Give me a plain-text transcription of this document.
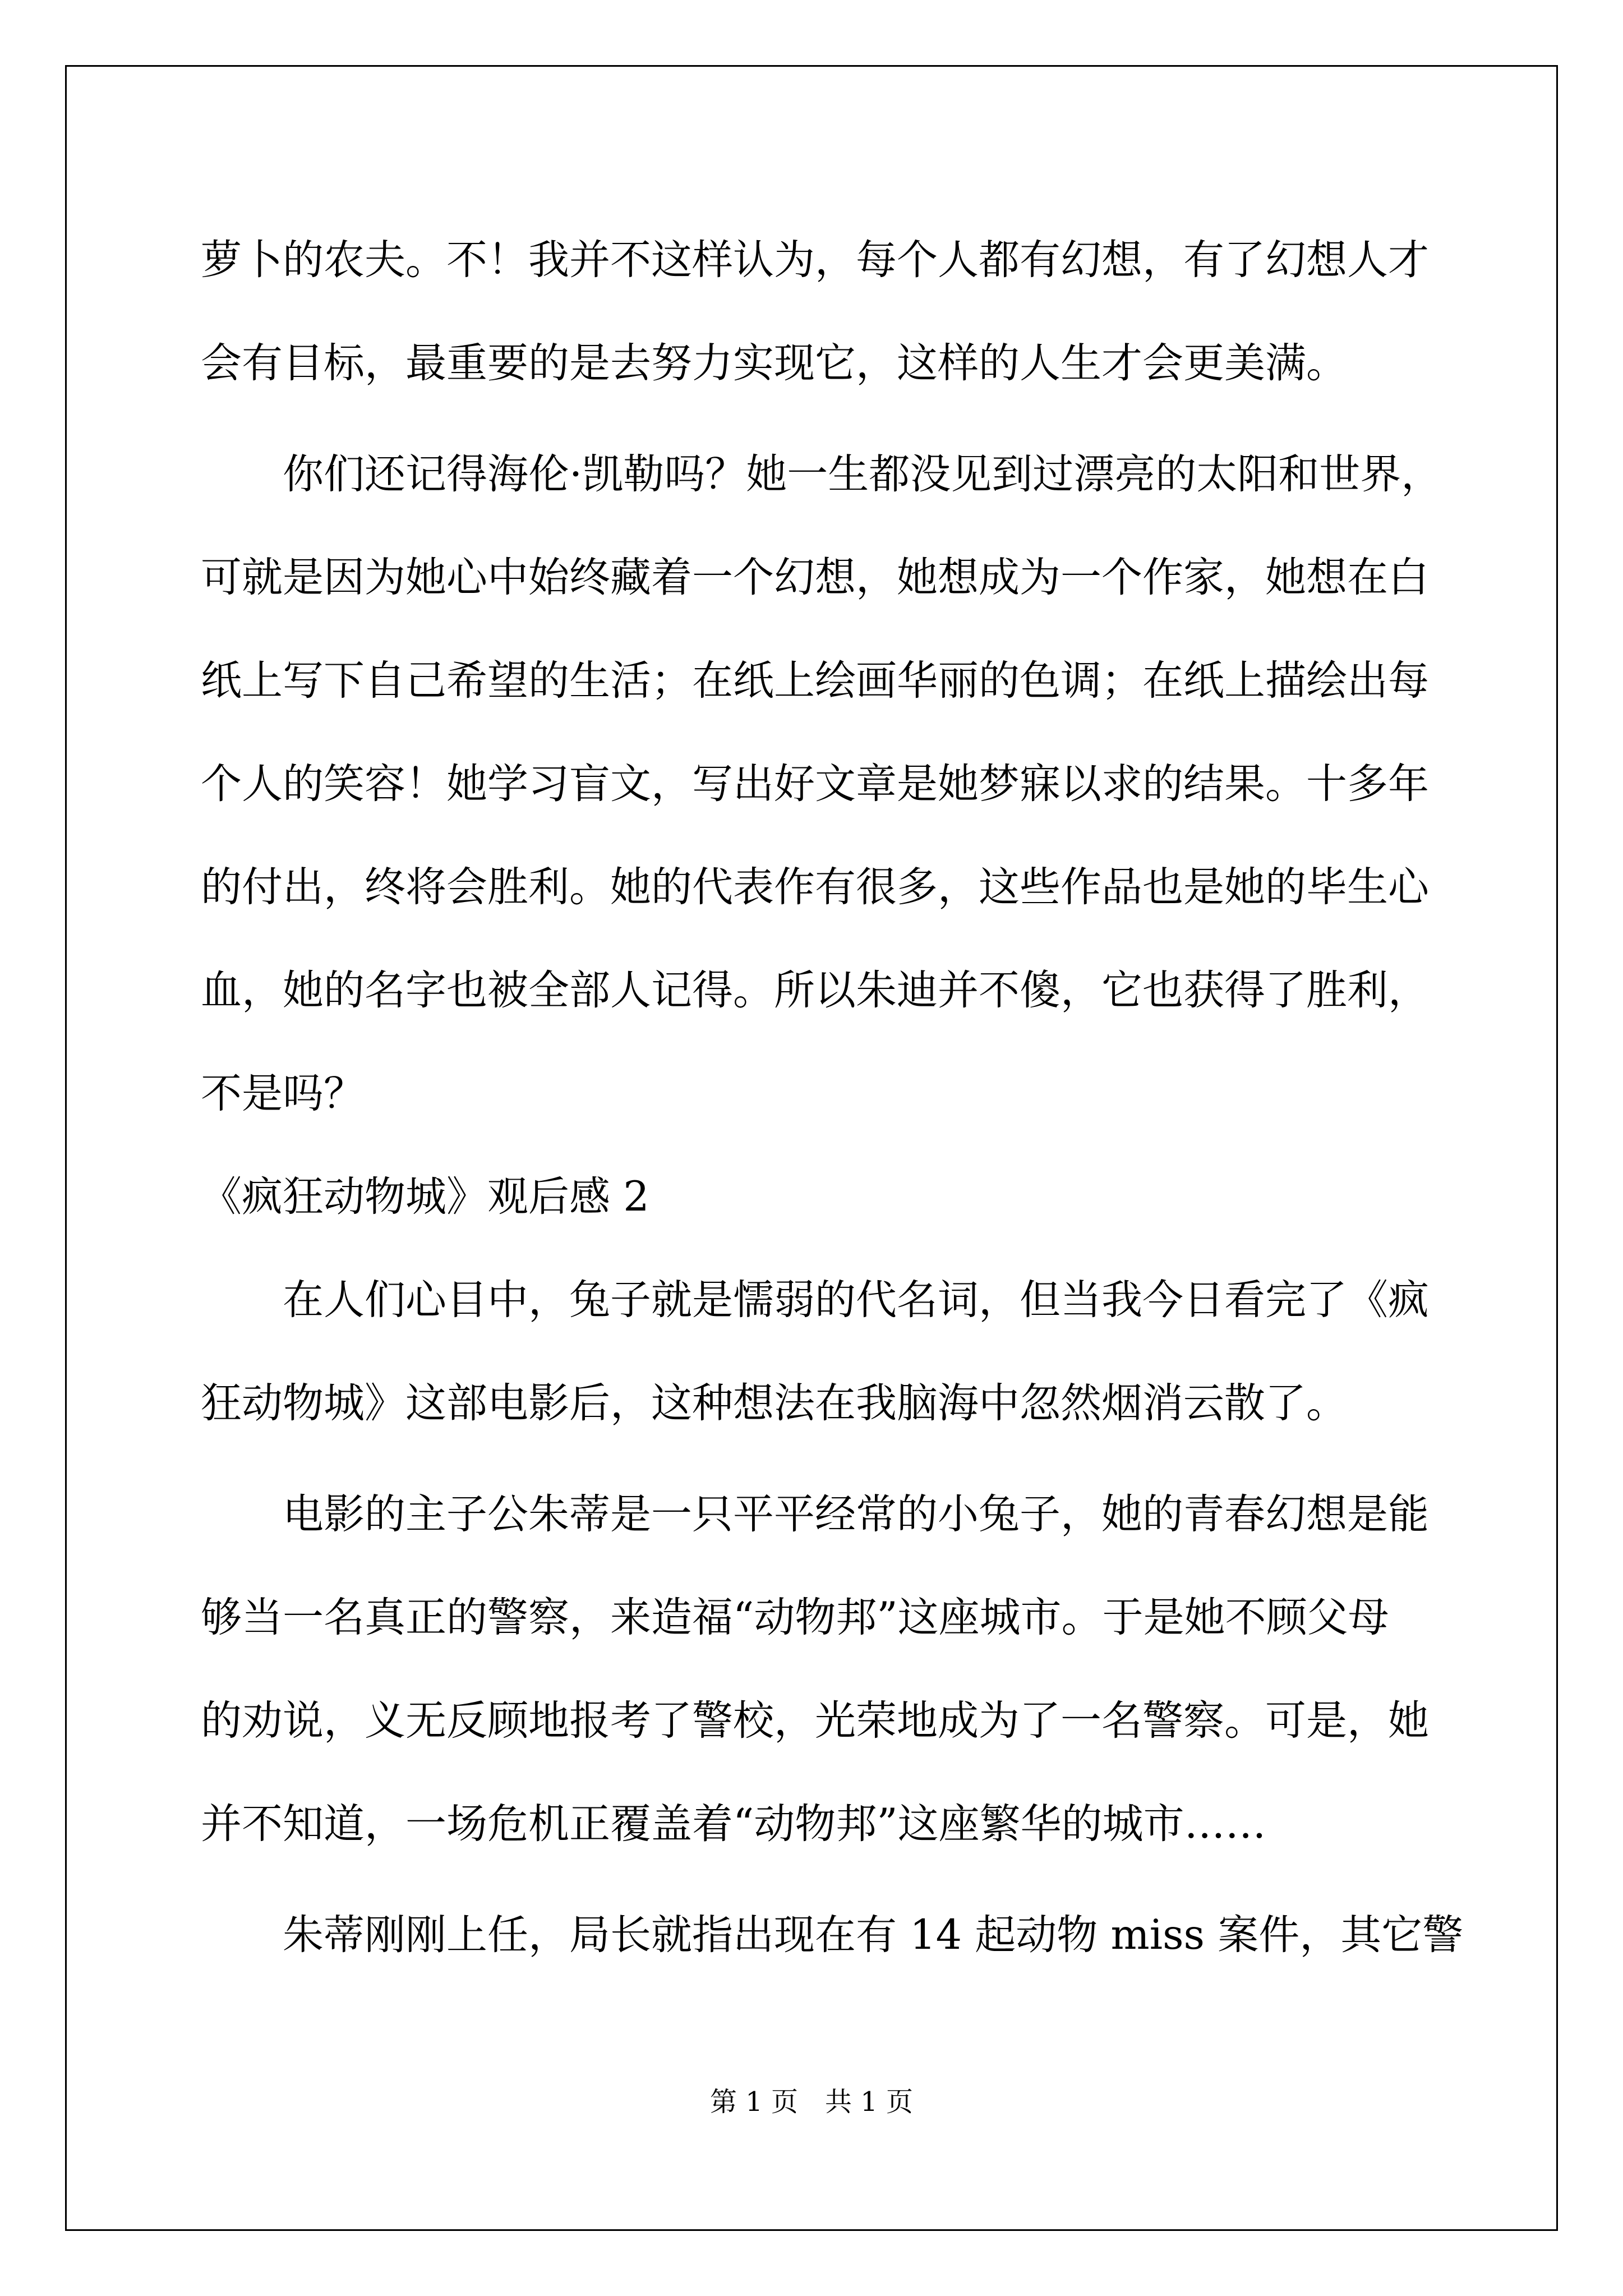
萝卜的农夫。不！我并不这样认为，每个人都有幻想，有了幻想人才

会有目标，最重要的是去努力实现它，这样的人生才会更美满。

你们还记得海伦·凯勒吗？她一生都没见到过漂亮的太阳和世界，

可就是因为她心中始终藏着一个幻想，她想成为一个作家，她想在白

纸上写下自己希望的生活；在纸上绘画华丽的色调；在纸上描绘出每

个人的笑容！她学习盲文，写出好文章是她梦寐以求的结果。十多年

的付出，终将会胜利。她的代表作有很多，这些作品也是她的毕生心

血，她的名字也被全部人记得。所以朱迪并不傻，它也获得了胜利，

不是吗？

《疯狂动物城》观后感 2

在人们心目中，兔子就是懦弱的代名词，但当我今日看完了《疯

狂动物城》这部电影后，这种想法在我脑海中忽然烟消云散了。

电影的主子公朱蒂是一只平平经常的小兔子，她的青春幻想是能

够当一名真正的警察，来造福“动物邦”这座城市。于是她不顾父母

的劝说，义无反顾地报考了警校，光荣地成为了一名警察。可是，她

并不知道，一场危机正覆盖着“动物邦”这座繁华的城市……

朱蒂刚刚上任，局长就指出现在有 14 起动物 miss 案件，其它警

第 1 页　共 1 页
